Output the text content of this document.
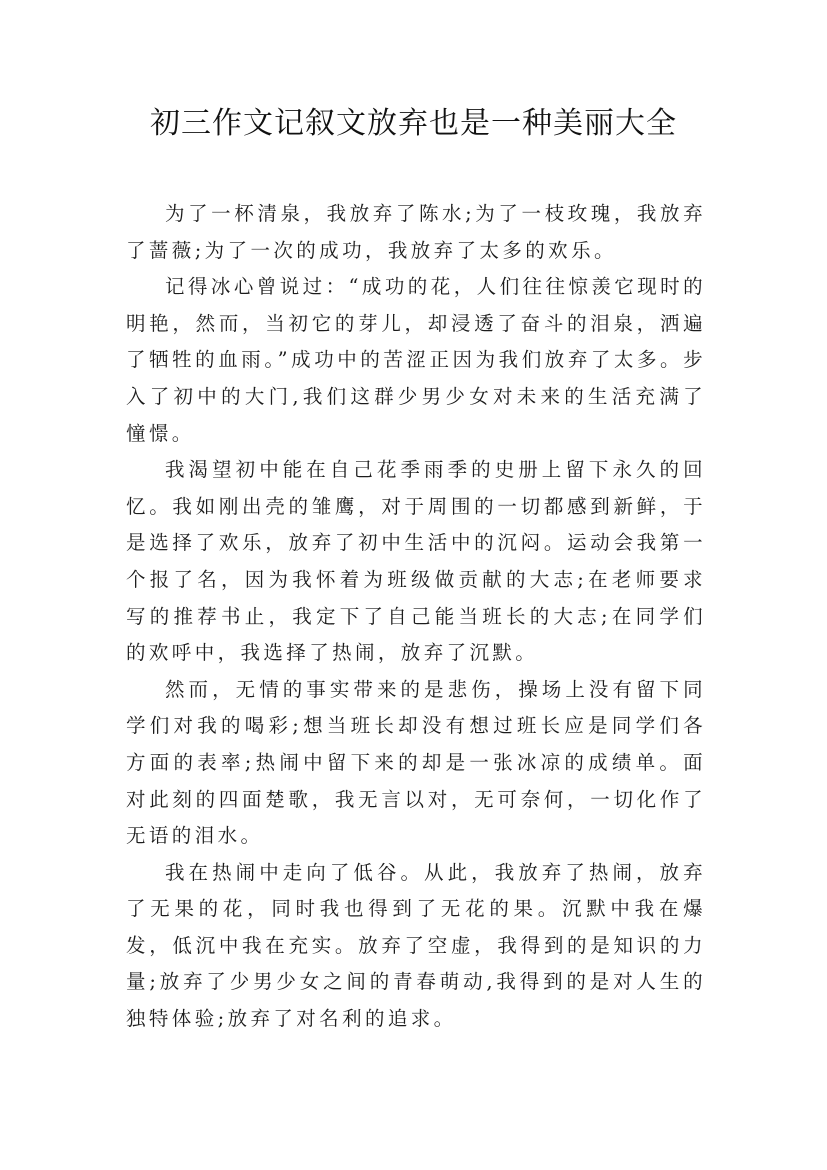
初三作文记叙文放弃也是一种美丽大全

为了一杯清泉，我放弃了陈水;为了一枝玫瑰，我放弃了蔷薇;为了一次的成功，我放弃了太多的欢乐。

记得冰心曾说过：“成功的花，人们往往惊羡它现时的明艳，然而，当初它的芽儿，却浸透了奋斗的泪泉，洒遍了牺牲的血雨。”成功中的苦涩正因为我们放弃了太多。步入了初中的大门,我们这群少男少女对未来的生活充满了憧憬。

我渴望初中能在自己花季雨季的史册上留下永久的回忆。我如刚出壳的雏鹰，对于周围的一切都感到新鲜，于是选择了欢乐，放弃了初中生活中的沉闷。运动会我第一个报了名，因为我怀着为班级做贡献的大志;在老师要求写的推荐书止，我定下了自己能当班长的大志;在同学们的欢呼中，我选择了热闹，放弃了沉默。

然而，无情的事实带来的是悲伤，操场上没有留下同学们对我的喝彩;想当班长却没有想过班长应是同学们各方面的表率;热闹中留下来的却是一张冰凉的成绩单。面对此刻的四面楚歌，我无言以对，无可奈何，一切化作了无语的泪水。

我在热闹中走向了低谷。从此，我放弃了热闹，放弃了无果的花，同时我也得到了无花的果。沉默中我在爆发，低沉中我在充实。放弃了空虚，我得到的是知识的力量;放弃了少男少女之间的青春萌动,我得到的是对人生的独特体验;放弃了对名利的追求。
